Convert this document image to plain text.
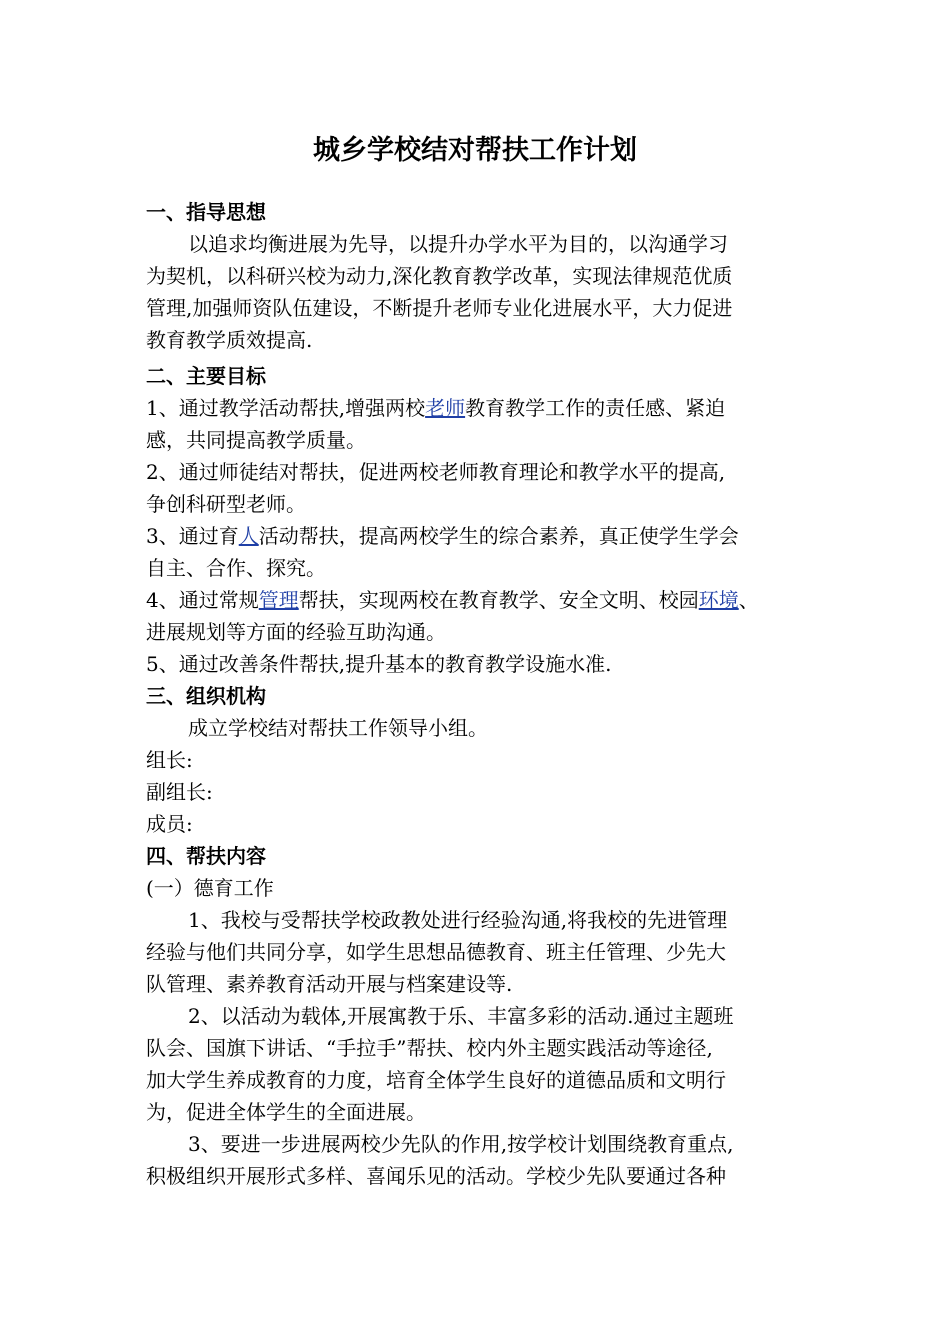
城乡学校结对帮扶工作计划
一、指导思想
以追求均衡进展为先导，以提升办学水平为目的，以沟通学习
为契机，以科研兴校为动力,深化教育教学改革，实现法律规范优质
管理,加强师资队伍建设，不断提升老师专业化进展水平，大力促进
教育教学质效提高.
二、主要目标
1、通过教学活动帮扶,增强两校老师教育教学工作的责任感、紧迫
感，共同提高教学质量。
2、通过师徒结对帮扶，促进两校老师教育理论和教学水平的提高,
争创科研型老师。
3、通过育人活动帮扶，提高两校学生的综合素养，真正使学生学会
自主、合作、探究。
4、通过常规管理帮扶，实现两校在教育教学、安全文明、校园环境、
进展规划等方面的经验互助沟通。
5、通过改善条件帮扶,提升基本的教育教学设施水准.
三、组织机构
成立学校结对帮扶工作领导小组。
组长:
副组长:
成员:
四、帮扶内容
(一）德育工作
1、我校与受帮扶学校政教处进行经验沟通,将我校的先进管理
经验与他们共同分享，如学生思想品德教育、班主任管理、少先大
队管理、素养教育活动开展与档案建设等.
2、以活动为载体,开展寓教于乐、丰富多彩的活动.通过主题班
队会、国旗下讲话、“手拉手”帮扶、校内外主题实践活动等途径,
加大学生养成教育的力度，培育全体学生良好的道德品质和文明行
为，促进全体学生的全面进展。
3、要进一步进展两校少先队的作用,按学校计划围绕教育重点,
积极组织开展形式多样、喜闻乐见的活动。学校少先队要通过各种
